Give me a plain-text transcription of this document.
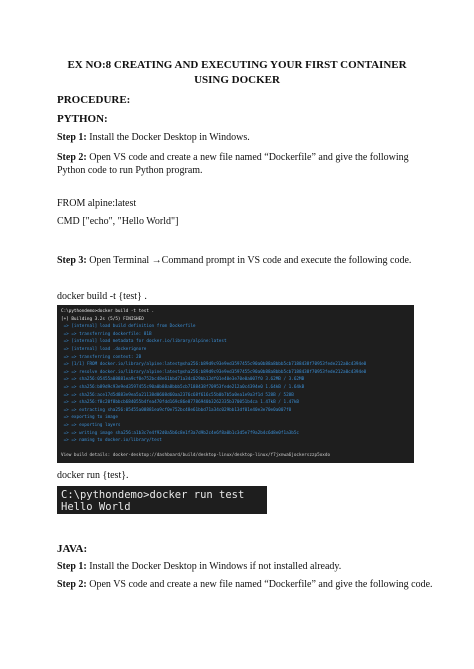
EX NO:8 CREATING AND EXECUTING YOUR FIRST CONTAINER
USING DOCKER
PROCEDURE:
PYTHON:
Step 1: Install the Docker Desktop in Windows.
Step 2: Open VS code and create a new file named “Dockerfile” and give the following Python code to run Python program.
FROM alpine:latest
CMD ["echo", "Hello World"]
Step 3: Open Terminal →Command prompt in VS code and execute the following code.
docker build -t {test} .
C:\pythondemo>docker build -t test .
[+] Building 3.2s (5/5) FINISHED
=> [internal] load build definition from Dockerfile
=> => transferring dockerfile: 81B
=> [internal] load metadata for docker.io/library/alpine:latest
=> [internal] load .dockerignore
=> => transferring context: 2B
=> [1/1] FROM docker.io/library/alpine:latest@sha256:b89d9c93e9ed3597455c90a0b88a8bbb5cb7188438f70953fede212a0c4394e0
=> => resolve docker.io/library/alpine:latest@sha256:b89d9c93e9ed3597455c90a0b88a8bbb5cb7188438f70953fede212a0c4394e0
=> => sha256:05455a08881ea9cf0e752bc48e61bbd71a34c029bb13df01e40e3e70e0a007f0 3.62MB / 3.62MB
=> => sha256:b89d9c93e9ed3597455c90a0b88a8bbb5cb7188438f70953fede212a0c4394e0 1.64kB / 1.64kB
=> => sha256:ace17d5d883e9ea5a21138d0608d60aa2376c68f616c55b0b7b5a0ea1e9a3f1d 528B / 528B
=> => sha256:f8c20f8bbcb684055b4fea470fdd169c86e87786940b3262335b370051b4ca 1.47kB / 1.47kB
=> => extracting sha256:05455a08881ea9cf0e752bc48e61bbd71a34c029bb13df01e40e3e70e0a007f0
=> exporting to image
=> => exporting layers
=> => writing image sha256:a1b3c7e4f92d0a5b6c8e1f3a7d9b2c4e6f8a0b1c3d5e7f9a2b4c6d8e0f1a3b5c
=> => naming to docker.io/library/test
View build details: docker-desktop://dashboard/build/desktop-linux/desktop-linux/f7jxnwa6jockerszzp5oxdo
docker run {test}.
C:\pythondemo>docker run test
Hello World
JAVA:
Step 1: Install the Docker Desktop in Windows if not installed already.
Step 2: Open VS code and create a new file named “Dockerfile” and give the following code.
